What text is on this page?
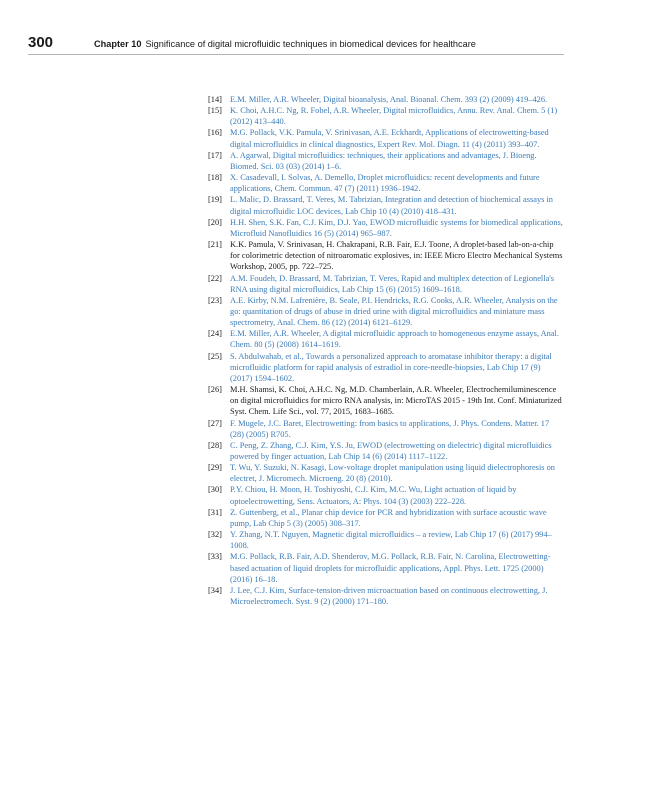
300	Chapter 10 Significance of digital microfluidic techniques in biomedical devices for healthcare
[14] E.M. Miller, A.R. Wheeler, Digital bioanalysis, Anal. Bioanal. Chem. 393 (2) (2009) 419–426.
[15] K. Choi, A.H.C. Ng, R. Fobel, A.R. Wheeler, Digital microfluidics, Annu. Rev. Anal. Chem. 5 (1) (2012) 413–440.
[16] M.G. Pollack, V.K. Pamula, V. Srinivasan, A.E. Eckhardt, Applications of electrowetting-based digital microfluidics in clinical diagnostics, Expert Rev. Mol. Diagn. 11 (4) (2011) 393–407.
[17] A. Agarwal, Digital microfluidics: techniques, their applications and advantages, J. Bioeng. Biomed. Sci. 03 (03) (2014) 1–6.
[18] X. Casadevall, I. Solvas, A. Demello, Droplet microfluidics: recent developments and future applications, Chem. Commun. 47 (7) (2011) 1936–1942.
[19] L. Malic, D. Brassard, T. Veres, M. Tabrizian, Integration and detection of biochemical assays in digital microfluidic LOC devices, Lab Chip 10 (4) (2010) 418–431.
[20] H.H. Shen, S.K. Fan, C.J. Kim, D.J. Yao, EWOD microfluidic systems for biomedical applications, Microfluid Nanofluidics 16 (5) (2014) 965–987.
[21] K.K. Pamula, V. Srinivasan, H. Chakrapani, R.B. Fair, E.J. Toone, A droplet-based lab-on-a-chip for colorimetric detection of nitroaromatic explosives, in: IEEE Micro Electro Mechanical Systems Workshop, 2005, pp. 722–725.
[22] A.M. Foudeh, D. Brassard, M. Tabrizian, T. Veres, Rapid and multiplex detection of Legionella's RNA using digital microfluidics, Lab Chip 15 (6) (2015) 1609–1618.
[23] A.E. Kirby, N.M. Lafrenière, B. Seale, P.I. Hendricks, R.G. Cooks, A.R. Wheeler, Analysis on the go: quantitation of drugs of abuse in dried urine with digital microfluidics and miniature mass spectrometry, Anal. Chem. 86 (12) (2014) 6121–6129.
[24] E.M. Miller, A.R. Wheeler, A digital microfluidic approach to homogeneous enzyme assays, Anal. Chem. 80 (5) (2008) 1614–1619.
[25] S. Abdulwahab, et al., Towards a personalized approach to aromatase inhibitor therapy: a digital microfluidic platform for rapid analysis of estradiol in core-needle-biopsies, Lab Chip 17 (9) (2017) 1594–1602.
[26] M.H. Shamsi, K. Choi, A.H.C. Ng, M.D. Chamberlain, A.R. Wheeler, Electrochemiluminescence on digital microfluidics for micro RNA analysis, in: MicroTAS 2015 - 19th Int. Conf. Miniaturized Syst. Chem. Life Sci., vol. 77, 2015, 1683–1685.
[27] F. Mugele, J.C. Baret, Electrowetting: from basics to applications, J. Phys. Condens. Matter. 17 (28) (2005) R705.
[28] C. Peng, Z. Zhang, C.J. Kim, Y.S. Ju, EWOD (electrowetting on dielectric) digital microfluidics powered by finger actuation, Lab Chip 14 (6) (2014) 1117–1122.
[29] T. Wu, Y. Suzuki, N. Kasagi, Low-voltage droplet manipulation using liquid dielectrophoresis on electret, J. Micromech. Microeng. 20 (8) (2010).
[30] P.Y. Chiou, H. Moon, H. Toshiyoshi, C.J. Kim, M.C. Wu, Light actuation of liquid by optoelectrowetting, Sens. Actuators, A: Phys. 104 (3) (2003) 222–228.
[31] Z. Guttenberg, et al., Planar chip device for PCR and hybridization with surface acoustic wave pump, Lab Chip 5 (3) (2005) 308–317.
[32] Y. Zhang, N.T. Nguyen, Magnetic digital microfluidics – a review, Lab Chip 17 (6) (2017) 994–1008.
[33] M.G. Pollack, R.B. Fair, A.D. Shenderov, M.G. Pollack, R.B. Fair, N. Carolina, Electrowetting-based actuation of liquid droplets for microfluidic applications, Appl. Phys. Lett. 1725 (2000) (2016) 16–18.
[34] J. Lee, C.J. Kim, Surface-tension-driven microactuation based on continuous electrowetting, J. Microelectromech. Syst. 9 (2) (2000) 171–180.
